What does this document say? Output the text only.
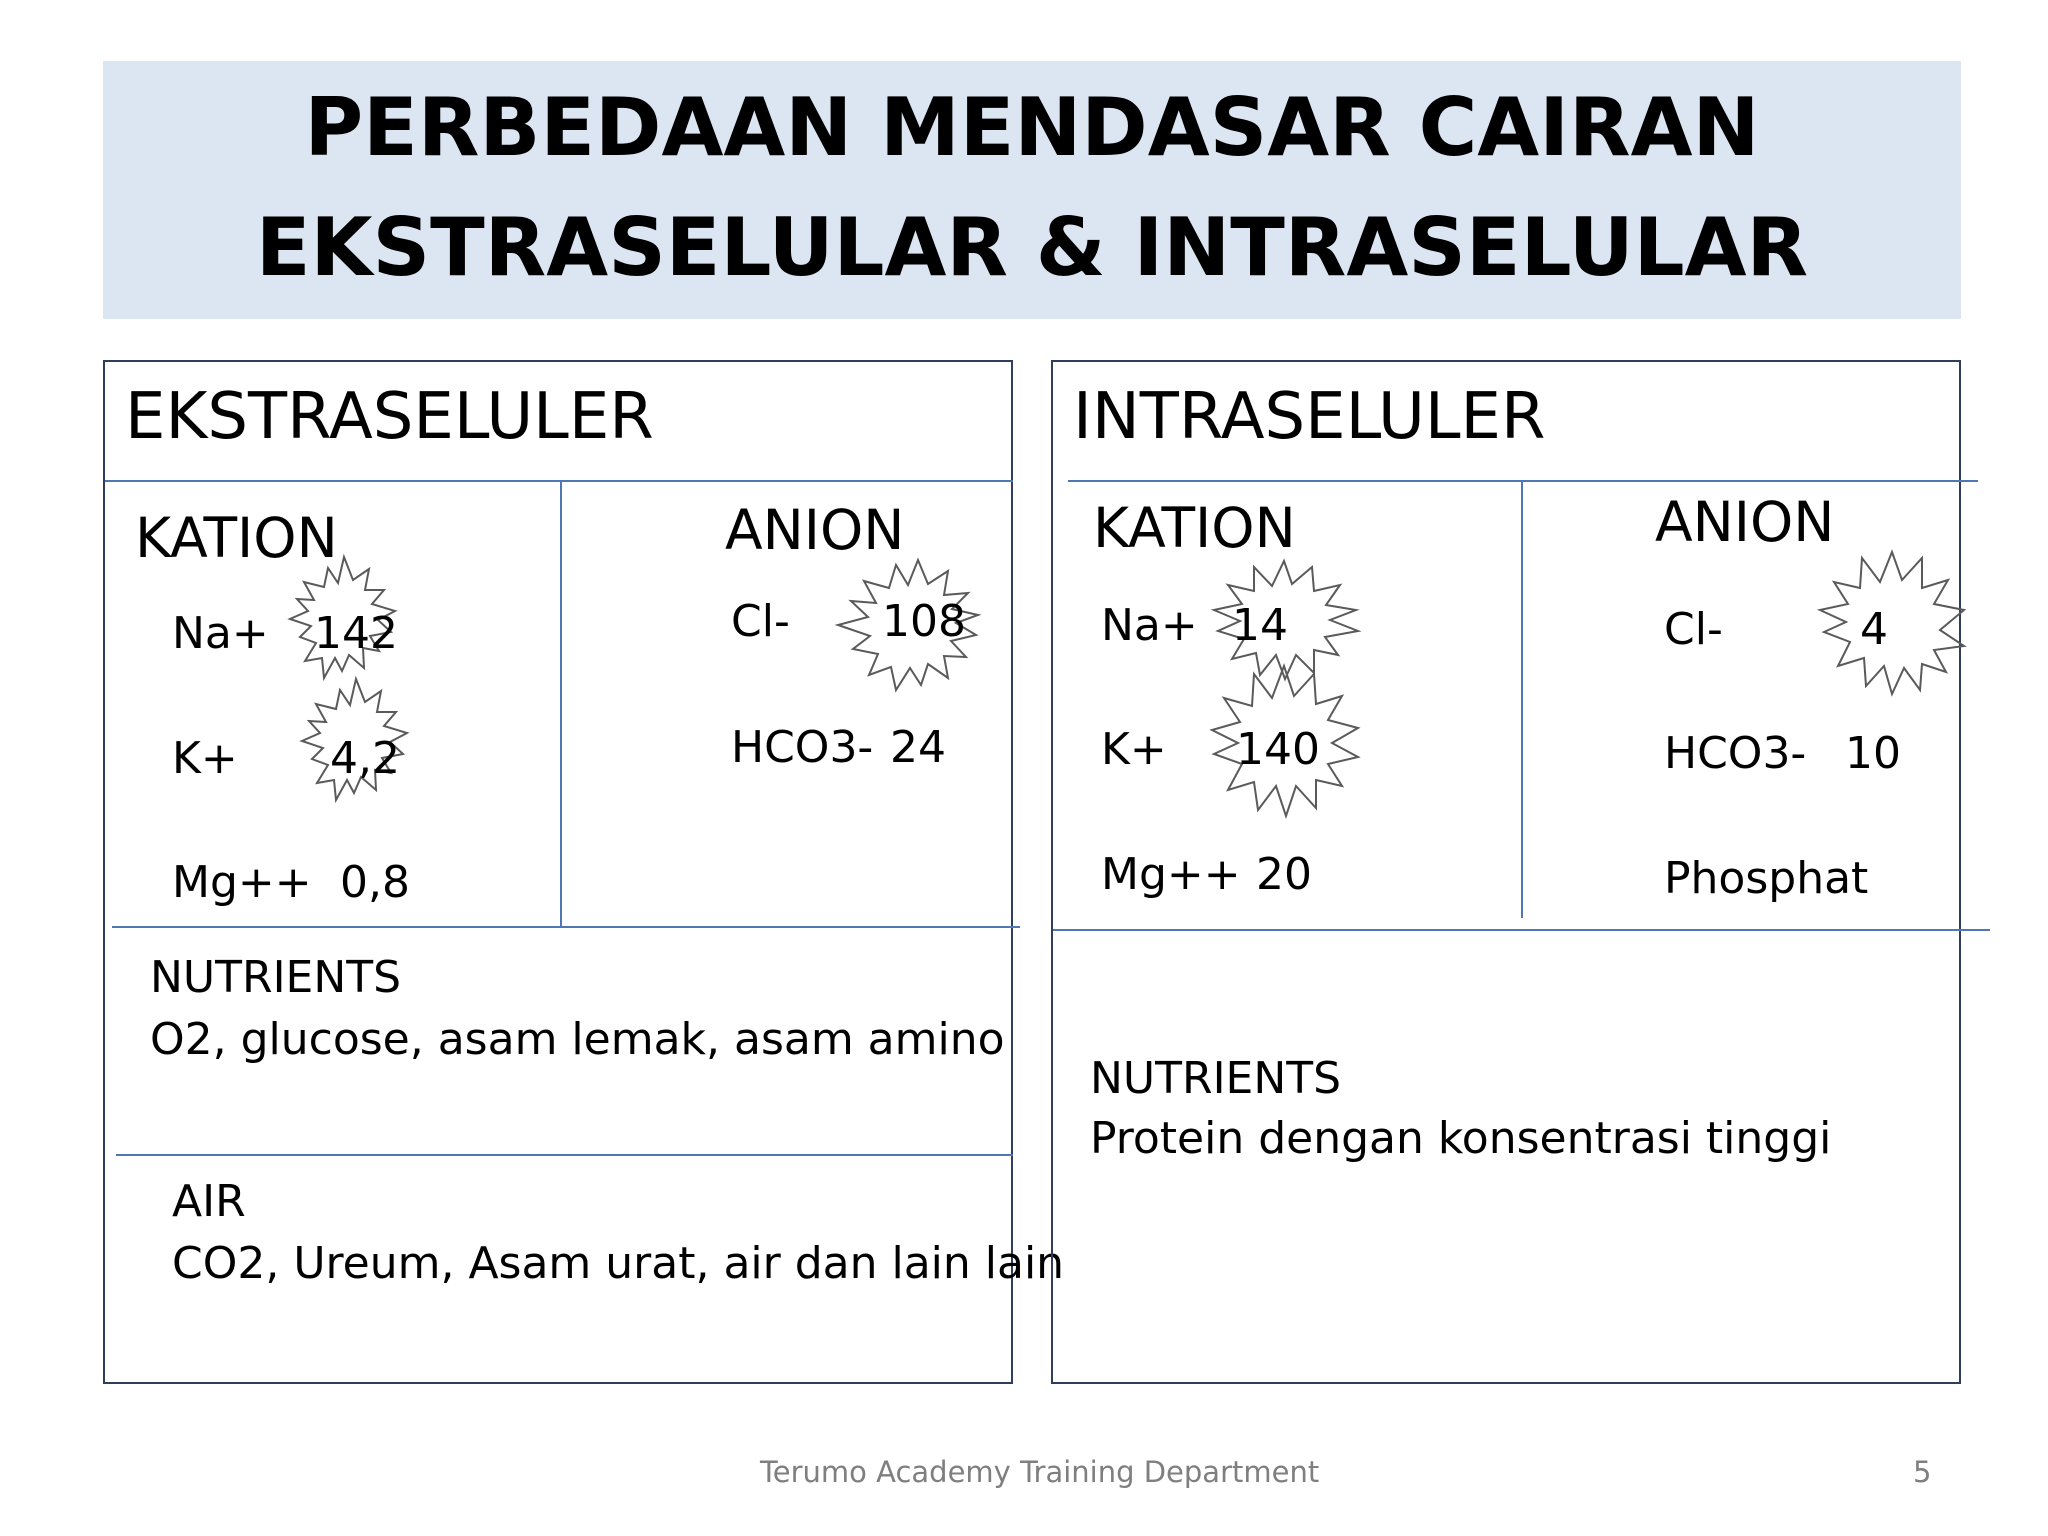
PERBEDAAN MENDASAR CAIRAN
EKSTRASELULAR & INTRASELULAR
EKSTRASELULER
KATION
Na+ 142
K+ 4,2
Mg++ 0,8
ANION
Cl- 108
HCO3- 24
NUTRIENTS
O2, glucose, asam lemak, asam amino
AIR
CO2, Ureum, Asam urat, air dan lain lain
INTRASELULER
KATION
Na+ 14
K+ 140
Mg++ 20
ANION
Cl-	4
HCO3- 10
Phosphat
NUTRIENTS
Protein dengan konsentrasi tinggi
Terumo Academy Training Department	5
